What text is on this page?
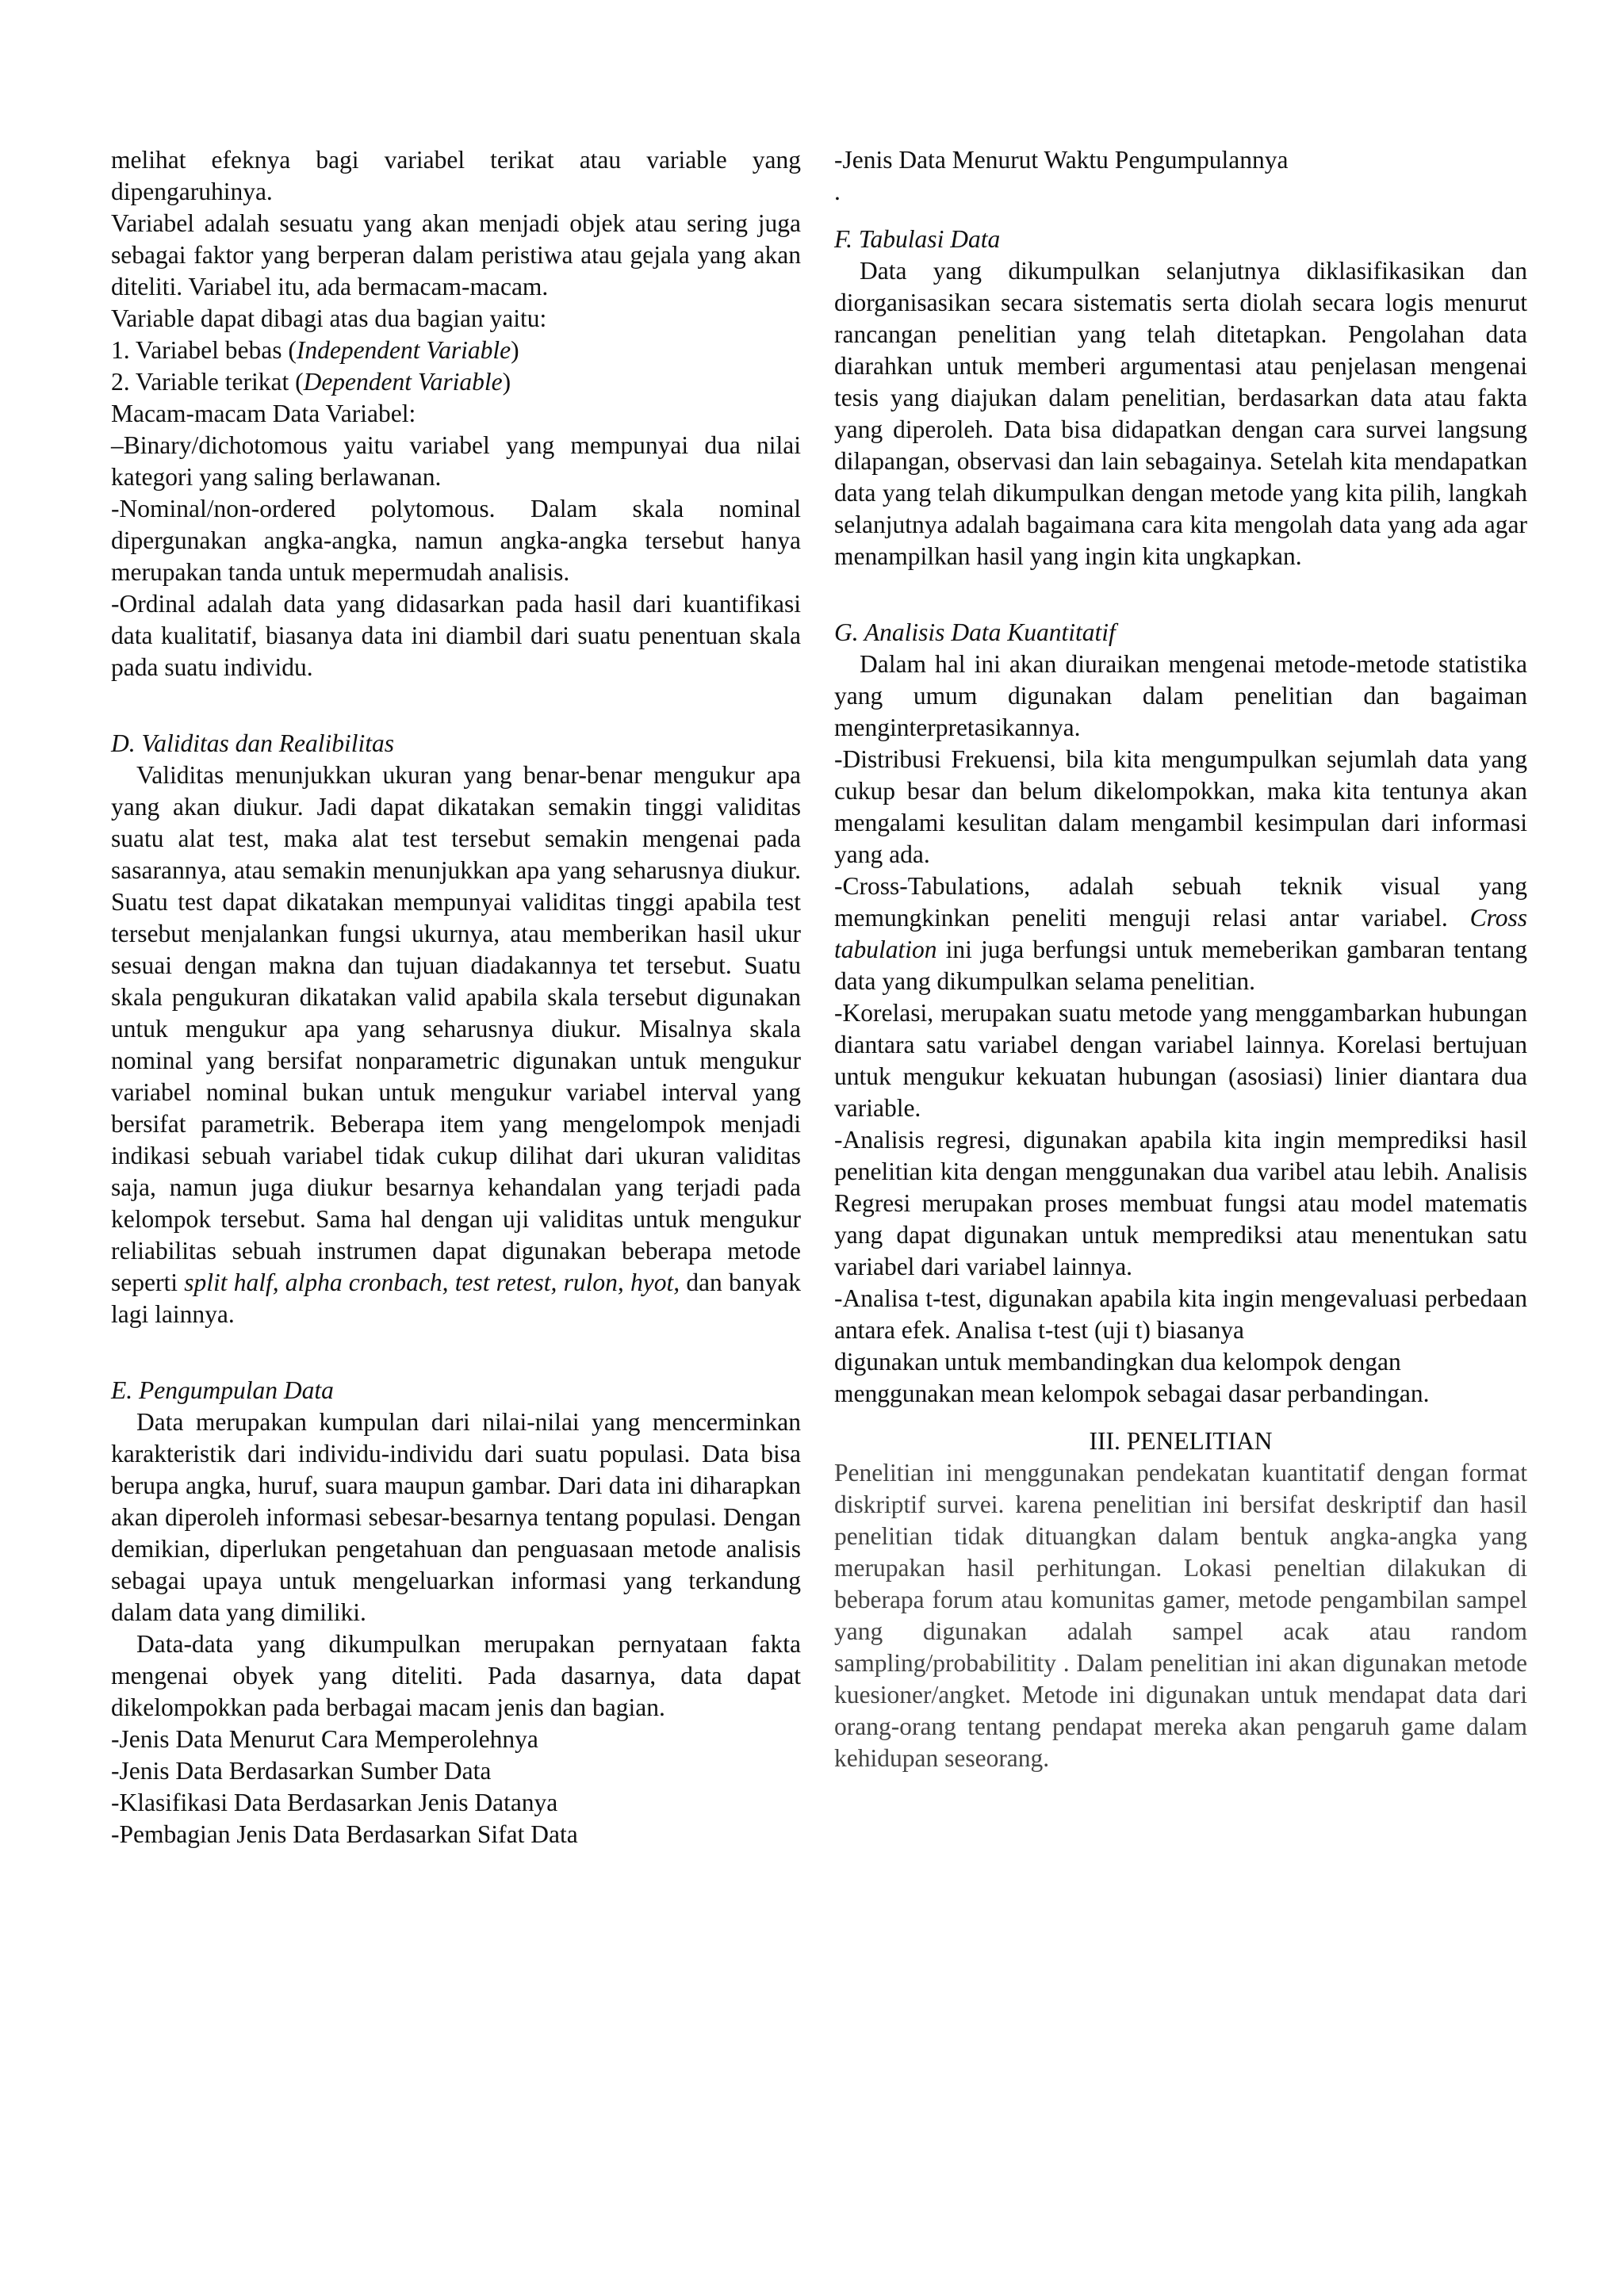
melihat efeknya bagi variabel terikat atau variable yang dipengaruhinya.

Variabel adalah sesuatu yang akan menjadi objek atau sering juga sebagai faktor yang berperan dalam peristiwa atau gejala yang akan diteliti. Variabel itu, ada bermacam-macam.

Variable dapat dibagi atas dua bagian yaitu:

1. Variabel bebas (Independent Variable)

2. Variable terikat (Dependent Variable)

Macam-macam Data Variabel:

–Binary/dichotomous yaitu variabel yang mempunyai dua nilai kategori yang saling berlawanan.

-Nominal/non-ordered polytomous. Dalam skala nominal dipergunakan angka-angka, namun angka-angka tersebut hanya merupakan tanda untuk mepermudah analisis.

-Ordinal adalah data yang didasarkan pada hasil dari kuantifikasi data kualitatif, biasanya data ini diambil dari suatu penentuan skala pada suatu individu.

D. Validitas dan Realibilitas

Validitas menunjukkan ukuran yang benar-benar mengukur apa yang akan diukur. Jadi dapat dikatakan semakin tinggi validitas suatu alat test, maka alat test tersebut semakin mengenai pada sasarannya, atau semakin menunjukkan apa yang seharusnya diukur. Suatu test dapat dikatakan mempunyai validitas tinggi apabila test tersebut menjalankan fungsi ukurnya, atau memberikan hasil ukur sesuai dengan makna dan tujuan diadakannya tet tersebut. Suatu skala pengukuran dikatakan valid apabila skala tersebut digunakan untuk mengukur apa yang seharusnya diukur. Misalnya skala nominal yang bersifat nonparametric digunakan untuk mengukur variabel nominal bukan untuk mengukur variabel interval yang bersifat parametrik. Beberapa item yang mengelompok menjadi indikasi sebuah variabel tidak cukup dilihat dari ukuran validitas saja, namun juga diukur besarnya kehandalan yang terjadi pada kelompok tersebut. Sama hal dengan uji validitas untuk mengukur reliabilitas sebuah instrumen dapat digunakan beberapa metode seperti split half, alpha cronbach, test retest, rulon, hyot, dan banyak lagi lainnya.

E. Pengumpulan Data

Data merupakan kumpulan dari nilai-nilai yang mencerminkan karakteristik dari individu-individu dari suatu populasi. Data bisa berupa angka, huruf, suara maupun gambar. Dari data ini diharapkan akan diperoleh informasi sebesar-besarnya tentang populasi. Dengan demikian, diperlukan pengetahuan dan penguasaan metode analisis sebagai upaya untuk mengeluarkan informasi yang terkandung dalam data yang dimiliki.

Data-data yang dikumpulkan merupakan pernyataan fakta mengenai obyek yang diteliti. Pada dasarnya, data dapat dikelompokkan pada berbagai macam jenis dan bagian.

-Jenis Data Menurut Cara Memperolehnya

-Jenis Data Berdasarkan Sumber Data

-Klasifikasi Data Berdasarkan Jenis Datanya

-Pembagian Jenis Data Berdasarkan Sifat Data

-Jenis Data Menurut Waktu Pengumpulannya

.

F. Tabulasi Data

Data yang dikumpulkan selanjutnya diklasifikasikan dan diorganisasikan secara sistematis serta diolah secara logis menurut rancangan penelitian yang telah ditetapkan. Pengolahan data diarahkan untuk memberi argumentasi atau penjelasan mengenai tesis yang diajukan dalam penelitian, berdasarkan data atau fakta yang diperoleh. Data bisa didapatkan dengan cara survei langsung dilapangan, observasi dan lain sebagainya. Setelah kita mendapatkan data yang telah dikumpulkan dengan metode yang kita pilih, langkah selanjutnya adalah bagaimana cara kita mengolah data yang ada agar menampilkan hasil yang ingin kita ungkapkan.

G. Analisis Data Kuantitatif

Dalam hal ini akan diuraikan mengenai metode-metode statistika yang umum digunakan dalam penelitian dan bagaiman menginterpretasikannya.

-Distribusi Frekuensi, bila kita mengumpulkan sejumlah data yang cukup besar dan belum dikelompokkan, maka kita tentunya akan mengalami kesulitan dalam mengambil kesimpulan dari informasi yang ada.

-Cross-Tabulations, adalah sebuah teknik visual yang memungkinkan peneliti menguji relasi antar variabel. Cross tabulation ini juga berfungsi untuk memeberikan gambaran tentang data yang dikumpulkan selama penelitian.

-Korelasi, merupakan suatu metode yang menggambarkan hubungan diantara satu variabel dengan variabel lainnya. Korelasi bertujuan untuk mengukur kekuatan hubungan (asosiasi) linier diantara dua variable.

-Analisis regresi, digunakan apabila kita ingin memprediksi hasil penelitian kita dengan menggunakan dua varibel atau lebih. Analisis Regresi merupakan proses membuat fungsi atau model matematis yang dapat digunakan untuk memprediksi atau menentukan satu variabel dari variabel lainnya.

-Analisa t-test, digunakan apabila kita ingin mengevaluasi perbedaan antara efek. Analisa t-test (uji t) biasanya

digunakan untuk membandingkan dua kelompok dengan

menggunakan mean kelompok sebagai dasar perbandingan.

III. PENELITIAN

Penelitian ini menggunakan pendekatan kuantitatif dengan format diskriptif survei. karena penelitian ini bersifat deskriptif dan hasil penelitian tidak dituangkan dalam bentuk angka-angka yang merupakan hasil perhitungan. Lokasi peneltian dilakukan di beberapa forum atau komunitas gamer, metode pengambilan sampel yang digunakan adalah sampel acak atau random sampling/probabilitity . Dalam penelitian ini akan digunakan metode kuesioner/angket. Metode ini digunakan untuk mendapat data dari orang-orang tentang pendapat mereka akan pengaruh game dalam kehidupan seseorang.
